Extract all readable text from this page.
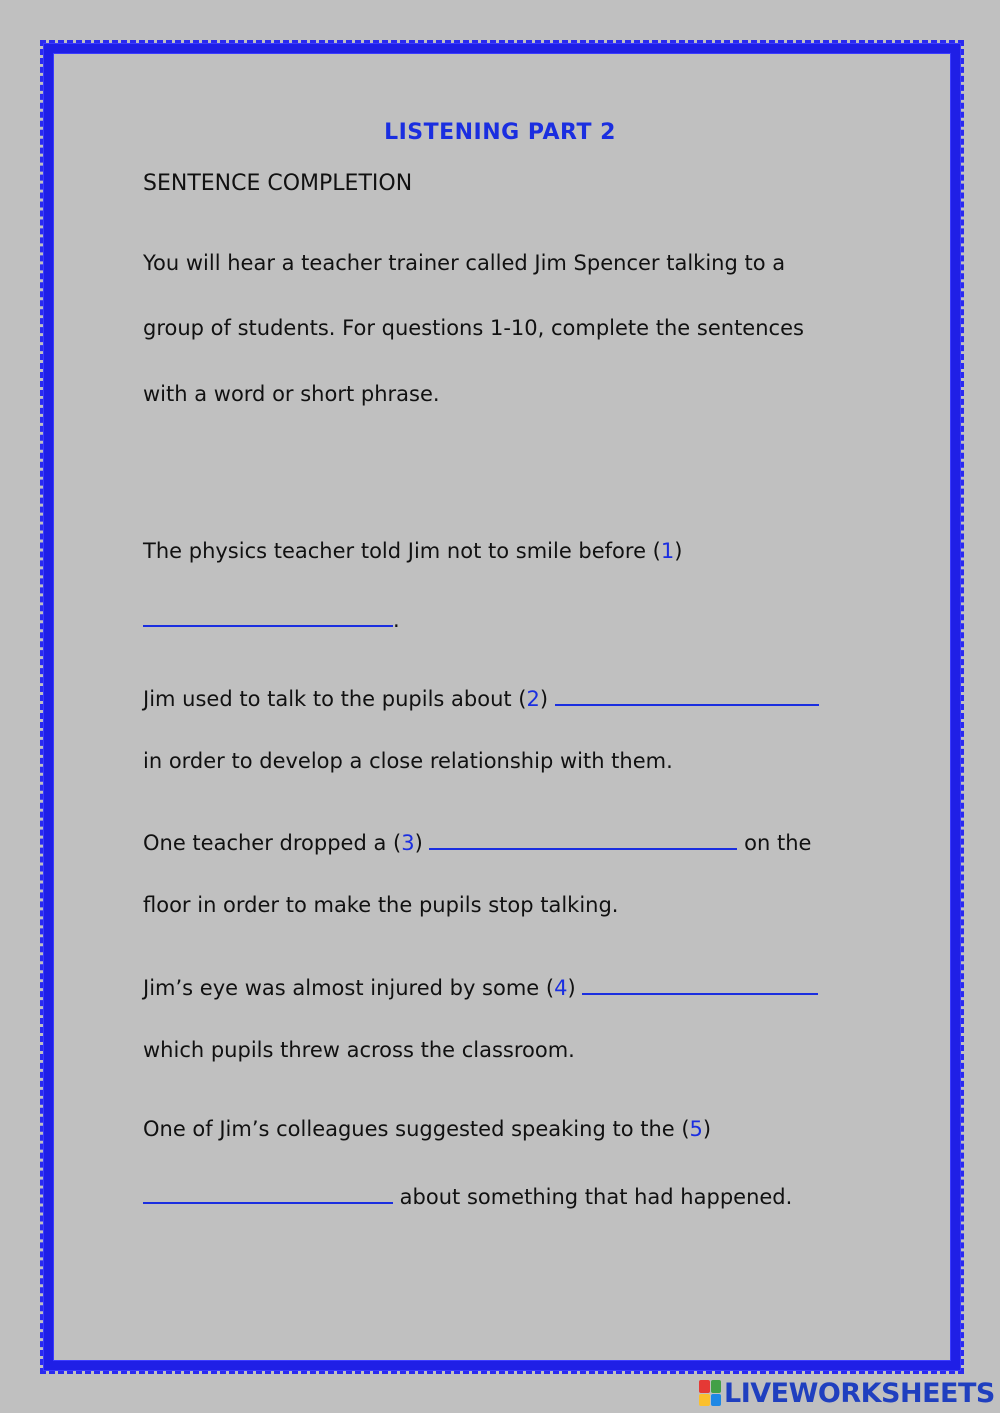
LISTENING PART 2
SENTENCE COMPLETION
You will hear a teacher trainer called Jim Spencer talking to a
group of students. For questions 1-10, complete the sentences
with a word or short phrase.
The physics teacher told Jim not to smile before (1)
.
Jim used to talk to the pupils about (2)
in order to develop a close relationship with them.
One teacher dropped a (3)	on the
floor in order to make the pupils stop talking.
Jim’s eye was almost injured by some (4)
which pupils threw across the classroom.
One of Jim’s colleagues suggested speaking to the (5)
about something that had happened.
LIVEWORKSHEETS
